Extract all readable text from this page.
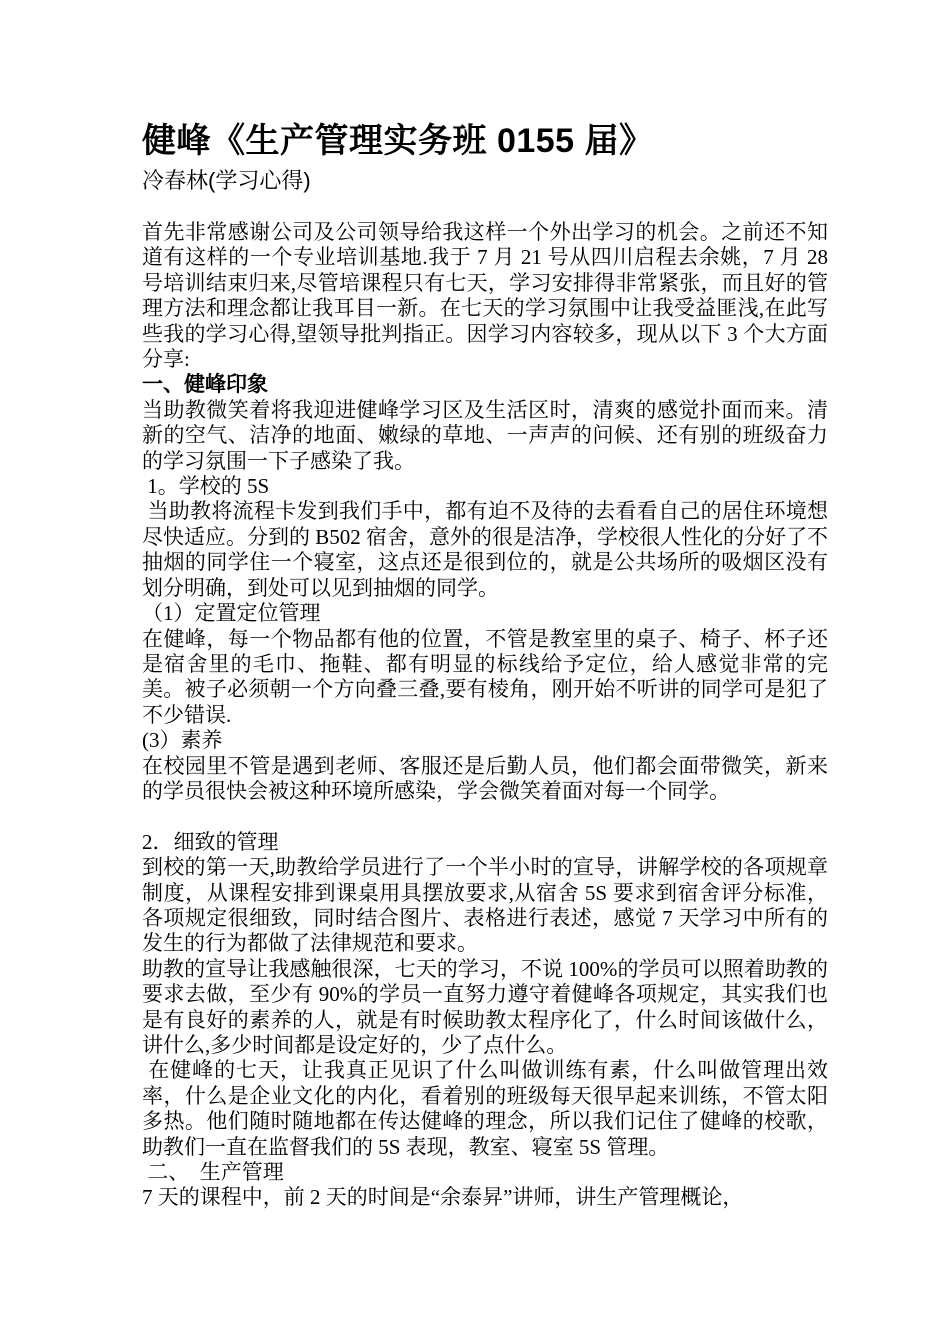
健峰《生产管理实务班 0155 届》
冷春林(学习心得)

首先非常感谢公司及公司领导给我这样一个外出学习的机会。之前还不知道有这样的一个专业培训基地.我于 7 月 21 号从四川启程去余姚，7 月 28 号培训结束归来,尽管培课程只有七天，学习安排得非常紧张，而且好的管理方法和理念都让我耳目一新。在七天的学习氛围中让我受益匪浅,在此写些我的学习心得,望领导批判指正。因学习内容较多，现从以下 3 个大方面分享:

一、健峰印象

当助教微笑着将我迎进健峰学习区及生活区时，清爽的感觉扑面而来。清新的空气、洁净的地面、嫩绿的草地、一声声的问候、还有别的班级奋力的学习氛围一下子感染了我。

1。学校的 5S

当助教将流程卡发到我们手中，都有迫不及待的去看看自己的居住环境想尽快适应。分到的 B502 宿舍，意外的很是洁净，学校很人性化的分好了不抽烟的同学住一个寝室，这点还是很到位的，就是公共场所的吸烟区没有划分明确，到处可以见到抽烟的同学。

（1）定置定位管理

在健峰，每一个物品都有他的位置，不管是教室里的桌子、椅子、杯子还是宿舍里的毛巾、拖鞋、都有明显的标线给予定位，给人感觉非常的完美。被子必须朝一个方向叠三叠,要有棱角，刚开始不听讲的同学可是犯了不少错误.

(3）素养

在校园里不管是遇到老师、客服还是后勤人员，他们都会面带微笑，新来的学员很快会被这种环境所感染，学会微笑着面对每一个同学。

2．细致的管理

到校的第一天,助教给学员进行了一个半小时的宣导，讲解学校的各项规章制度，从课程安排到课桌用具摆放要求,从宿舍 5S 要求到宿舍评分标准，各项规定很细致，同时结合图片、表格进行表述，感觉 7 天学习中所有的发生的行为都做了法律规范和要求。

助教的宣导让我感触很深，七天的学习，不说 100%的学员可以照着助教的要求去做，至少有 90%的学员一直努力遵守着健峰各项规定，其实我们也是有良好的素养的人，就是有时候助教太程序化了，什么时间该做什么，讲什么,多少时间都是设定好的，少了点什么。

在健峰的七天，让我真正见识了什么叫做训练有素，什么叫做管理出效率，什么是企业文化的内化，看着别的班级每天很早起来训练，不管太阳多热。他们随时随地都在传达健峰的理念，所以我们记住了健峰的校歌，助教们一直在监督我们的 5S 表现，教室、寝室 5S 管理。

二、　生产管理

7 天的课程中，前 2 天的时间是“余泰昇”讲师，讲生产管理概论，
